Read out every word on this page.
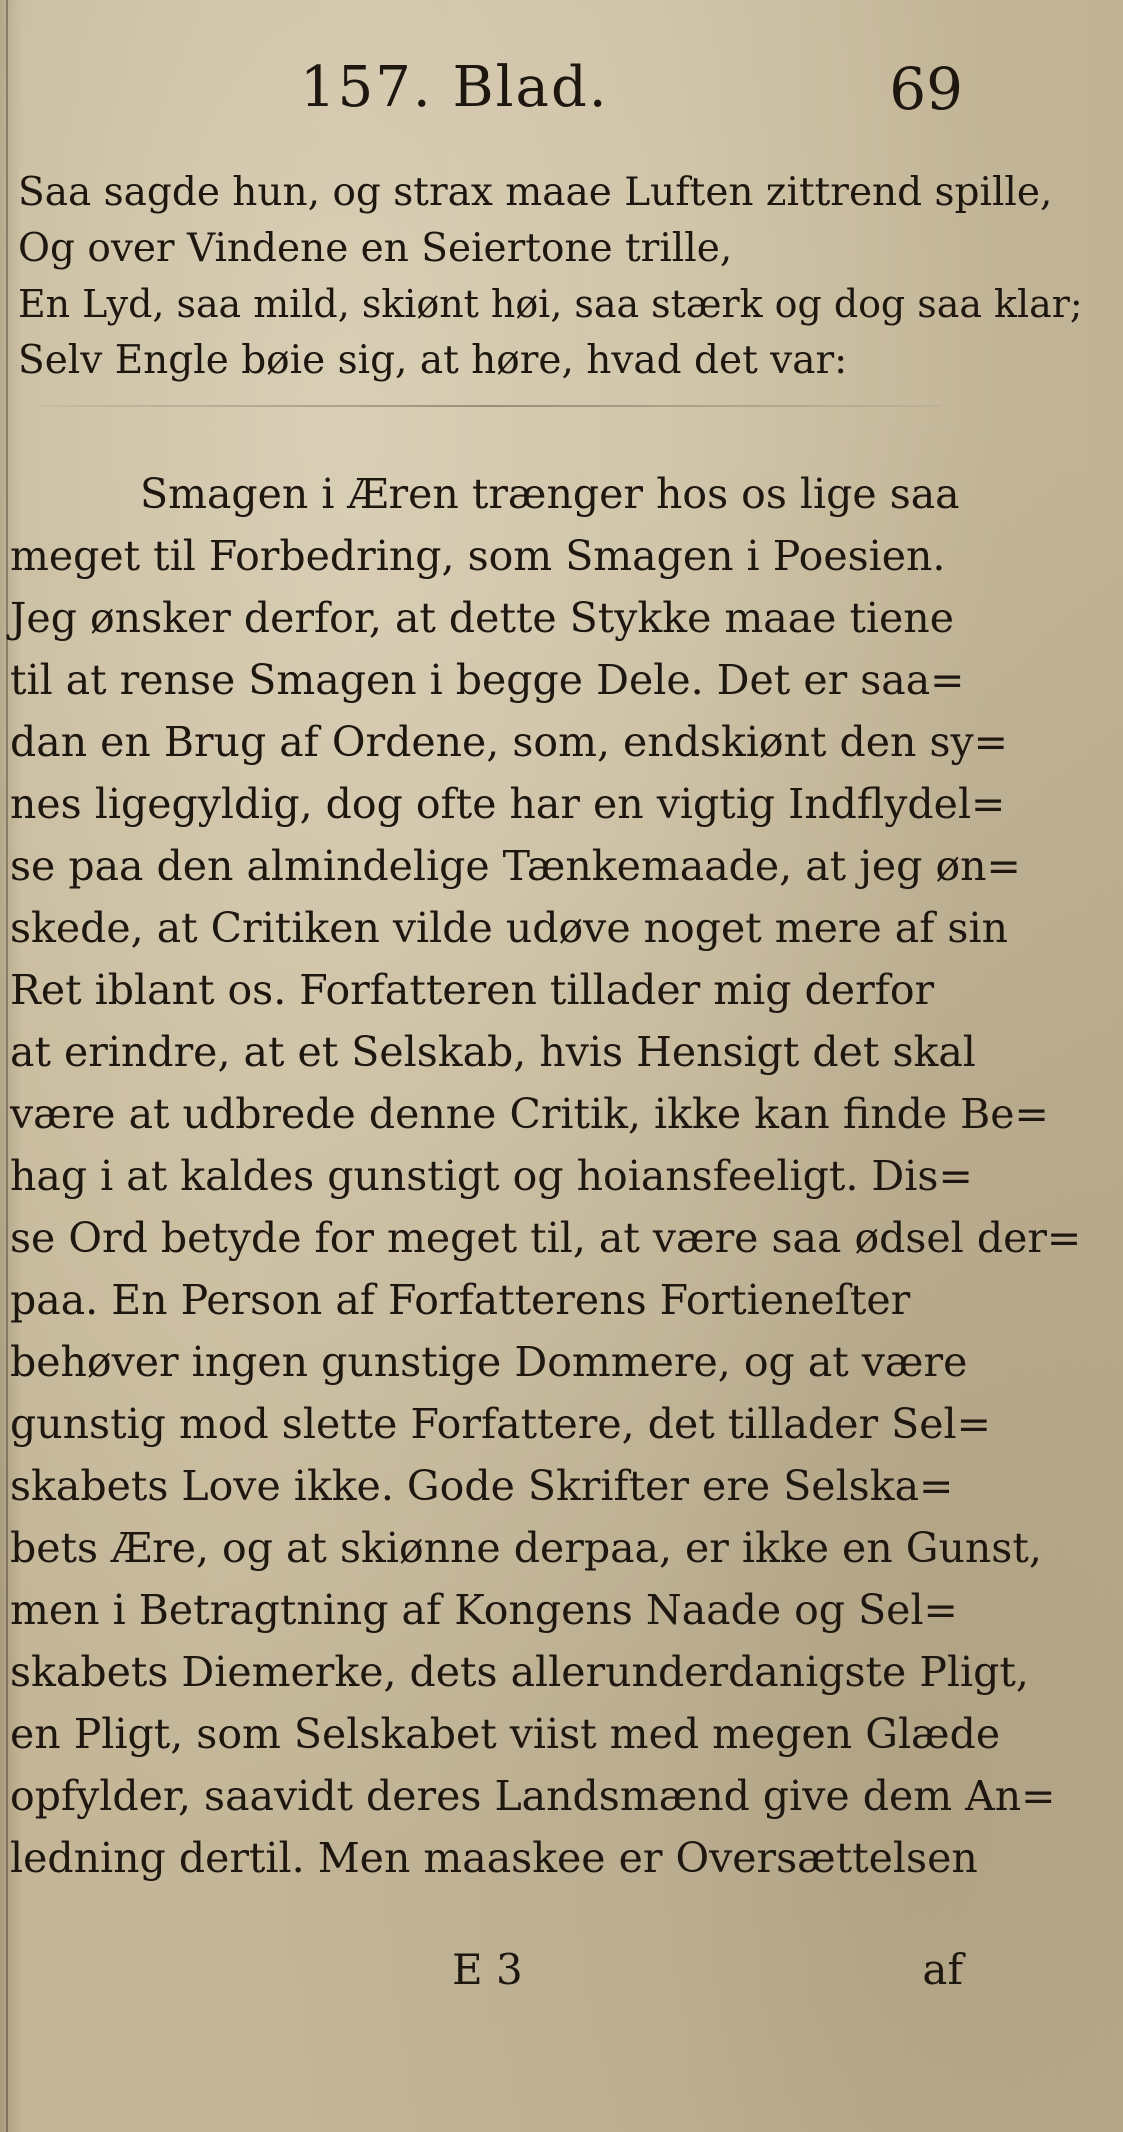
157. Blad.	69
Saa sagde hun, og strax maae Luften zittrend spille,
Og over Vindene en Seiertone trille,
En Lyd, saa mild, skiønt høi, saa stærk og dog saa klar;
Selv Engle bøie sig, at høre, hvad det var:
Smagen i Æren trænger hos os lige saa
meget til Forbedring, som Smagen i Poesien.
Jeg ønsker derfor, at dette Stykke maae tiene
til at rense Smagen i begge Dele. Det er saa=
dan en Brug af Ordene, som, endskiønt den sy=
nes ligegyldig, dog ofte har en vigtig Indflydel=
se paa den almindelige Tænkemaade, at jeg øn=
skede, at Critiken vilde udøve noget mere af sin
Ret iblant os. Forfatteren tillader mig derfor
at erindre, at et Selskab, hvis Hensigt det skal
være at udbrede denne Critik, ikke kan finde Be=
hag i at kaldes gunstigt og hoiansfeeligt. Dis=
se Ord betyde for meget til, at være saa ødsel der=
paa. En Person af Forfatterens Fortieneſter
behøver ingen gunstige Dommere, og at være
gunstig mod slette Forfattere, det tillader Sel=
skabets Love ikke. Gode Skrifter ere Selska=
bets Ære, og at skiønne derpaa, er ikke en Gunst,
men i Betragtning af Kongens Naade og Sel=
skabets Diemerke, dets allerunderdanigste Pligt,
en Pligt, som Selskabet viist med megen Glæde
opfylder, saavidt deres Landsmænd give dem An=
ledning dertil. Men maaskee er Oversættelsen
E 3	af
